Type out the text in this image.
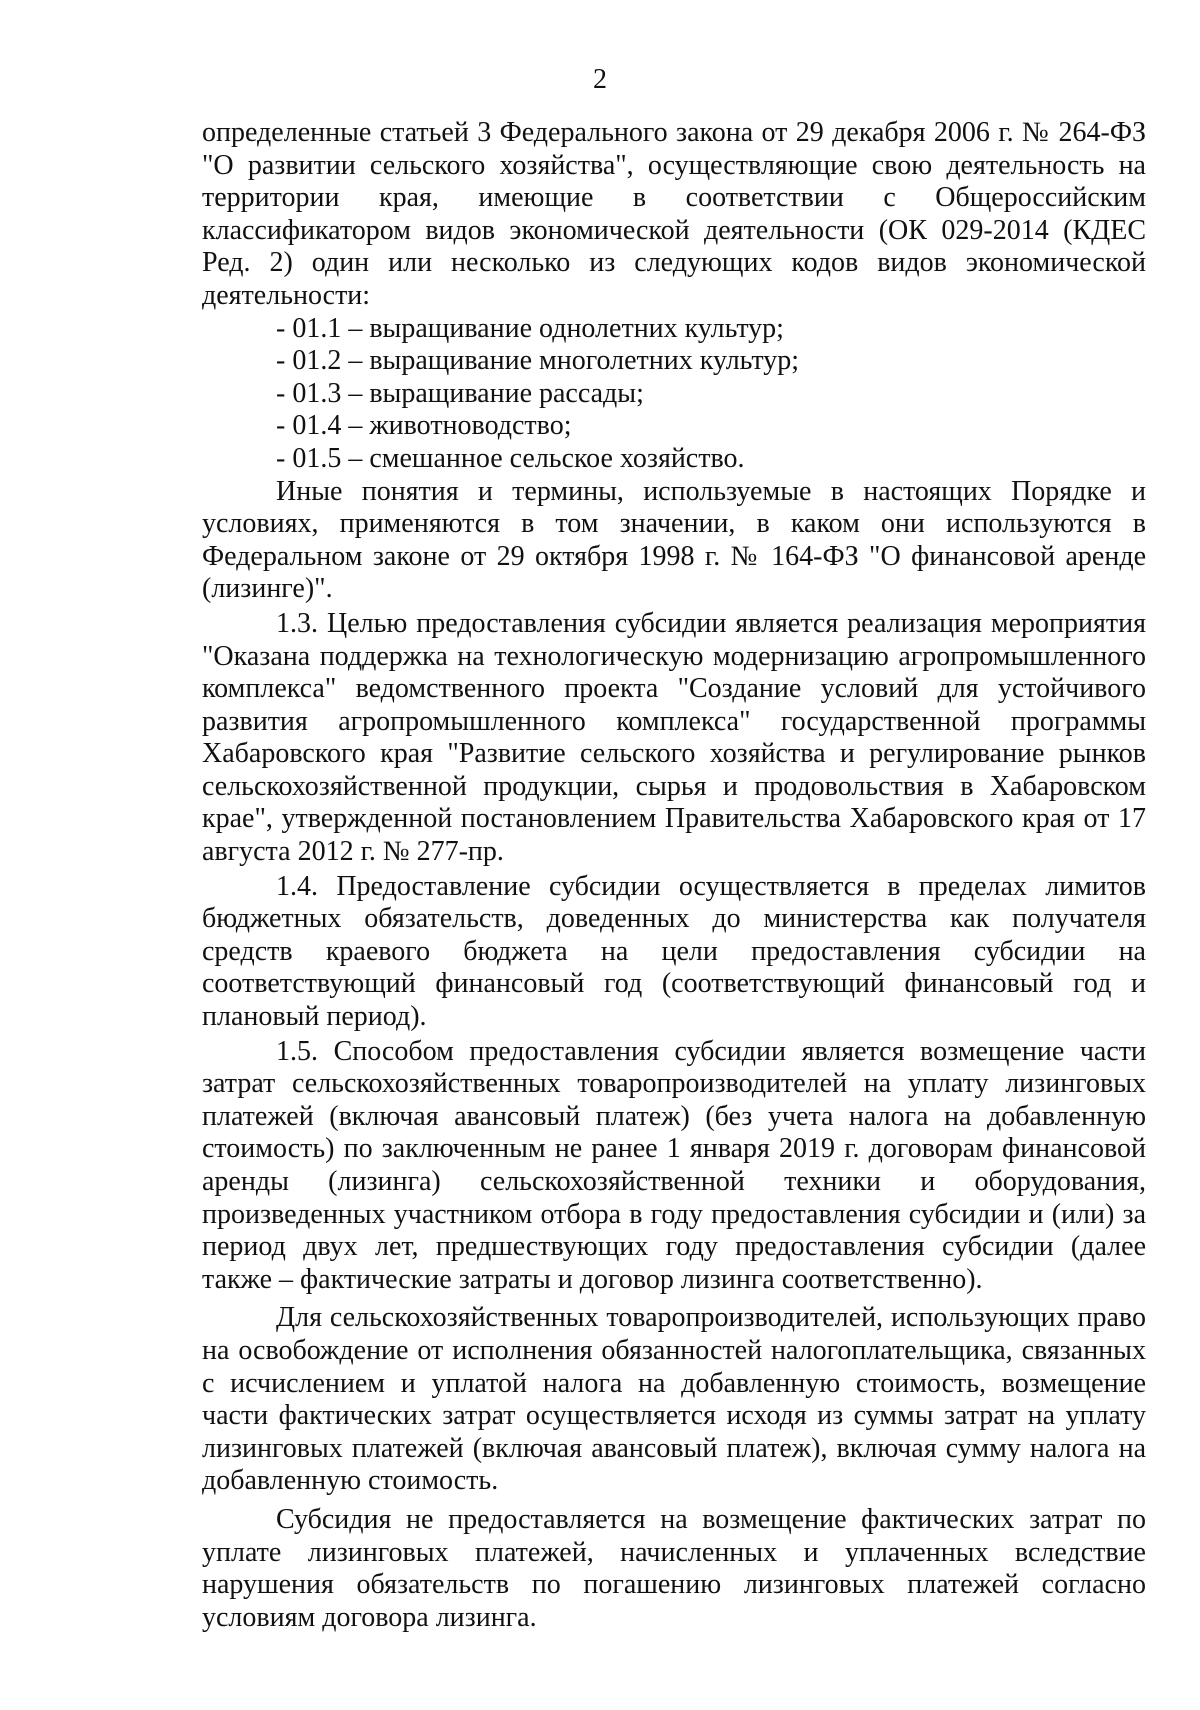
2

определенные статьей 3 Федерального закона от 29 декабря 2006 г. № 264-ФЗ "О развитии сельского хозяйства", осуществляющие свою деятельность на территории края, имеющие в соответствии с Общероссийским классификатором видов экономической деятельности (ОК 029-2014 (КДЕС Ред. 2) один или несколько из следующих кодов видов экономической деятельности:

- 01.1 – выращивание однолетних культур;
- 01.2 – выращивание многолетних культур;
- 01.3 – выращивание рассады;
- 01.4 – животноводство;
- 01.5 – смешанное сельское хозяйство.

Иные понятия и термины, используемые в настоящих Порядке и условиях, применяются в том значении, в каком они используются в Федеральном законе от 29 октября 1998 г. № 164-ФЗ "О финансовой аренде (лизинге)".

1.3. Целью предоставления субсидии является реализация мероприятия "Оказана поддержка на технологическую модернизацию агропромышленного комплекса" ведомственного проекта "Создание условий для устойчивого развития агропромышленного комплекса" государственной программы Хабаровского края "Развитие сельского хозяйства и регулирование рынков сельскохозяйственной продукции, сырья и продовольствия в Хабаровском крае", утвержденной постановлением Правительства Хабаровского края от 17 августа 2012 г. № 277-пр.

1.4. Предоставление субсидии осуществляется в пределах лимитов бюджетных обязательств, доведенных до министерства как получателя средств краевого бюджета на цели предоставления субсидии на соответствующий финансовый год (соответствующий финансовый год и плановый период).

1.5. Способом предоставления субсидии является возмещение части затрат сельскохозяйственных товаропроизводителей на уплату лизинговых платежей (включая авансовый платеж) (без учета налога на добавленную стоимость) по заключенным не ранее 1 января 2019 г. договорам финансовой аренды (лизинга) сельскохозяйственной техники и оборудования, произведенных участником отбора в году предоставления субсидии и (или) за период двух лет, предшествующих году предоставления субсидии (далее также – фактические затраты и договор лизинга соответственно).

Для сельскохозяйственных товаропроизводителей, использующих право на освобождение от исполнения обязанностей налогоплательщика, связанных с исчислением и уплатой налога на добавленную стоимость, возмещение части фактических затрат осуществляется исходя из суммы затрат на уплату лизинговых платежей (включая авансовый платеж), включая сумму налога на добавленную стоимость.

Субсидия не предоставляется на возмещение фактических затрат по уплате лизинговых платежей, начисленных и уплаченных вследствие нарушения обязательств по погашению лизинговых платежей согласно условиям договора лизинга.
